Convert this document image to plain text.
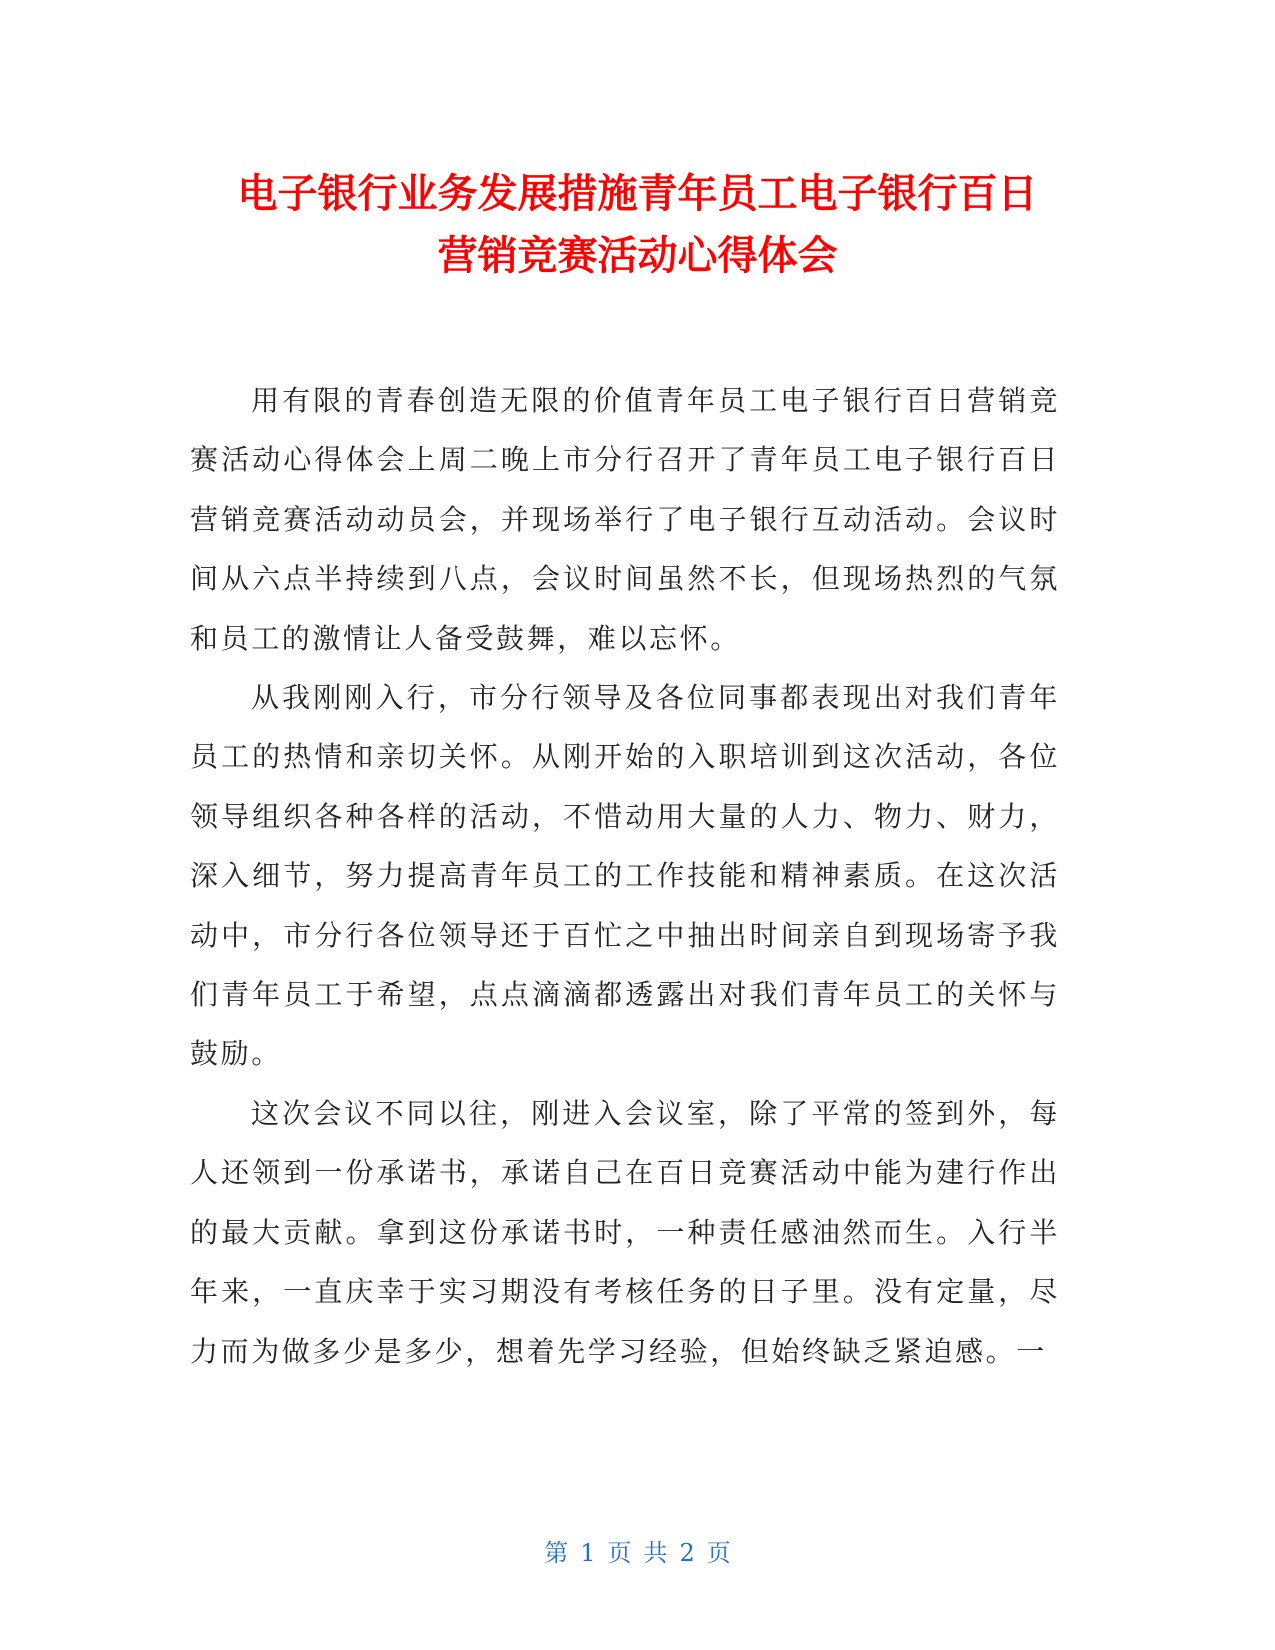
电子银行业务发展措施青年员工电子银行百日
营销竞赛活动心得体会

用有限的青春创造无限的价值青年员工电子银行百日营销竞赛活动心得体会上周二晚上市分行召开了青年员工电子银行百日营销竞赛活动动员会，并现场举行了电子银行互动活动。会议时间从六点半持续到八点，会议时间虽然不长，但现场热烈的气氛和员工的激情让人备受鼓舞，难以忘怀。

从我刚刚入行，市分行领导及各位同事都表现出对我们青年员工的热情和亲切关怀。从刚开始的入职培训到这次活动，各位领导组织各种各样的活动，不惜动用大量的人力、物力、财力，深入细节，努力提高青年员工的工作技能和精神素质。在这次活动中，市分行各位领导还于百忙之中抽出时间亲自到现场寄予我们青年员工于希望，点点滴滴都透露出对我们青年员工的关怀与鼓励。

这次会议不同以往，刚进入会议室，除了平常的签到外，每人还领到一份承诺书，承诺自己在百日竞赛活动中能为建行作出的最大贡献。拿到这份承诺书时，一种责任感油然而生。入行半年来，一直庆幸于实习期没有考核任务的日子里。没有定量，尽力而为做多少是多少，想着先学习经验，但始终缺乏紧迫感。一

第 1 页 共 2 页
